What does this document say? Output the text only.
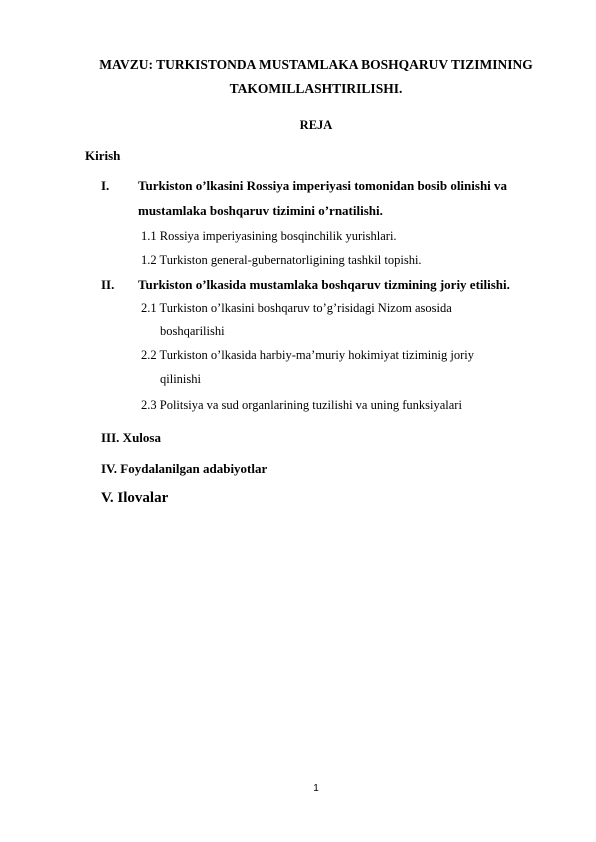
MAVZU: TURKISTONDA MUSTAMLAKA BOSHQARUV TIZIMINING
TAKOMILLASHTIRILISHI.
REJA
Kirish
I. Turkiston o’lkasini Rossiya imperiyasi tomonidan bosib olinishi va
mustamlaka boshqaruv tizimini o’rnatilishi.
1.1 Rossiya imperiyasining bosqinchilik yurishlari.
1.2 Turkiston general-gubernatorligining tashkil topishi.
II. Turkiston o’lkasida mustamlaka boshqaruv tizmining joriy etilishi.
2.1 Turkiston o’lkasini boshqaruv to’g’risidagi Nizom asosida
boshqarilishi
2.2 Turkiston o’lkasida harbiy-ma’muriy hokimiyat tiziminig joriy
qilinishi
2.3 Politsiya va sud organlarining tuzilishi va uning funksiyalari
III. Xulosa
IV. Foydalanilgan adabiyotlar
V. Ilovalar
1
